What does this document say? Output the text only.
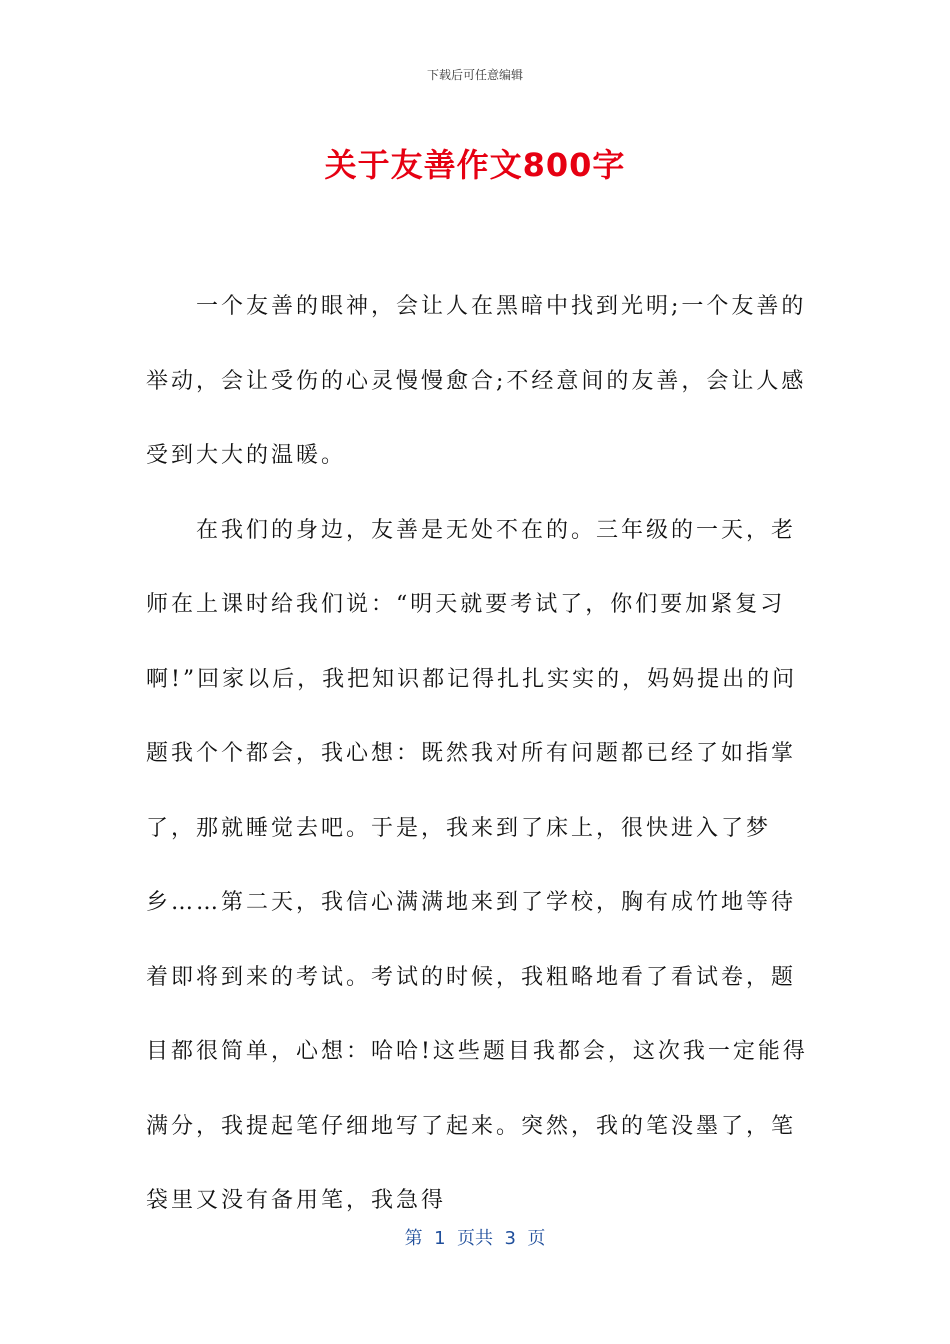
下载后可任意编辑
关于友善作文800字

一个友善的眼神，会让人在黑暗中找到光明;一个友善的举动，会让受伤的心灵慢慢愈合;不经意间的友善，会让人感受到大大的温暖。

在我们的身边，友善是无处不在的。三年级的一天，老师在上课时给我们说：“明天就要考试了，你们要加紧复习啊!”回家以后，我把知识都记得扎扎实实的，妈妈提出的问题我个个都会，我心想：既然我对所有问题都已经了如指掌了，那就睡觉去吧。于是，我来到了床上，很快进入了梦乡……第二天，我信心满满地来到了学校，胸有成竹地等待着即将到来的考试。考试的时候，我粗略地看了看试卷，题目都很简单，心想：哈哈!这些题目我都会，这次我一定能得满分，我提起笔仔细地写了起来。突然，我的笔没墨了，笔袋里又没有备用笔，我急得

第  1  页共  3  页
